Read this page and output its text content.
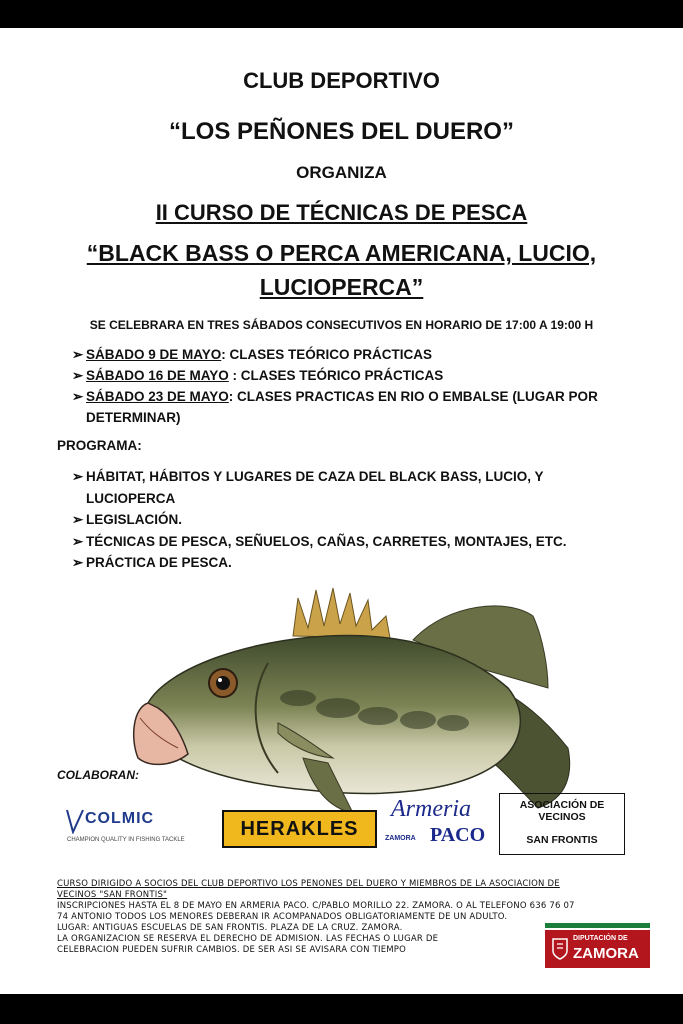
CLUB DEPORTIVO
“LOS PEÑONES DEL DUERO”
ORGANIZA
II CURSO DE TÉCNICAS DE PESCA
“BLACK BASS O PERCA AMERICANA, LUCIO,
LUCIOPERCA”
SE CELEBRARA EN TRES SÁBADOS CONSECUTIVOS EN HORARIO DE 17:00 A 19:00 H
➢ SÁBADO 9 DE MAYO: CLASES TEÓRICO PRÁCTICAS
➢ SÁBADO 16 DE MAYO : CLASES TEÓRICO PRÁCTICAS
➢ SÁBADO 23 DE MAYO: CLASES PRACTICAS EN RIO O EMBALSE (LUGAR POR DETERMINAR)
PROGRAMA:
➢ HÁBITAT, HÁBITOS Y LUGARES DE CAZA DEL BLACK BASS, LUCIO, Y LUCIOPERCA
➢ LEGISLACIÓN.
➢ TÉCNICAS DE PESCA, SEÑUELOS, CAÑAS, CARRETES, MONTAJES, ETC.
➢ PRÁCTICA DE PESCA.
COLABORAN:
COLMIC
CHAMPION QUALITY IN FISHING TACKLE	HERAKLES
Armeria
ZAMORA PACO
ASOCIACIÓN DE
VECINOS
SAN FRONTIS
CURSO DIRIGIDO A SOCIOS DEL CLUB DEPORTIVO LOS PEÑONES DEL DUERO Y MIEMBROS DE LA ASOCIACIÓN DE
VECINOS "SAN FRONTIS"
INSCRIPCIONES HASTA EL 8 DE MAYO EN ARMERIA PACO. C/PABLO MORILLO 22. ZAMORA. O AL TELÉFONO 636 76 07
74 ANTONIO TODOS LOS MENORES DEBERAN IR ACOMPAÑADOS OBLIGATORIAMENTE DE UN ADULTO.
LUGAR: ANTIGUAS ESCUELAS DE SAN FRONTIS. PLAZA DE LA CRUZ. ZAMORA.
LA ORGANIZACIÓN SE RESERVA EL DERECHO DE ADMISIÓN. LAS FECHAS O LUGAR DE
CELEBRACIÓN PUEDEN SUFRIR CAMBIOS. DE SER ASÍ SE AVISARA CON TIEMPO
DIPUTACIÓN DE
ZAMORA
